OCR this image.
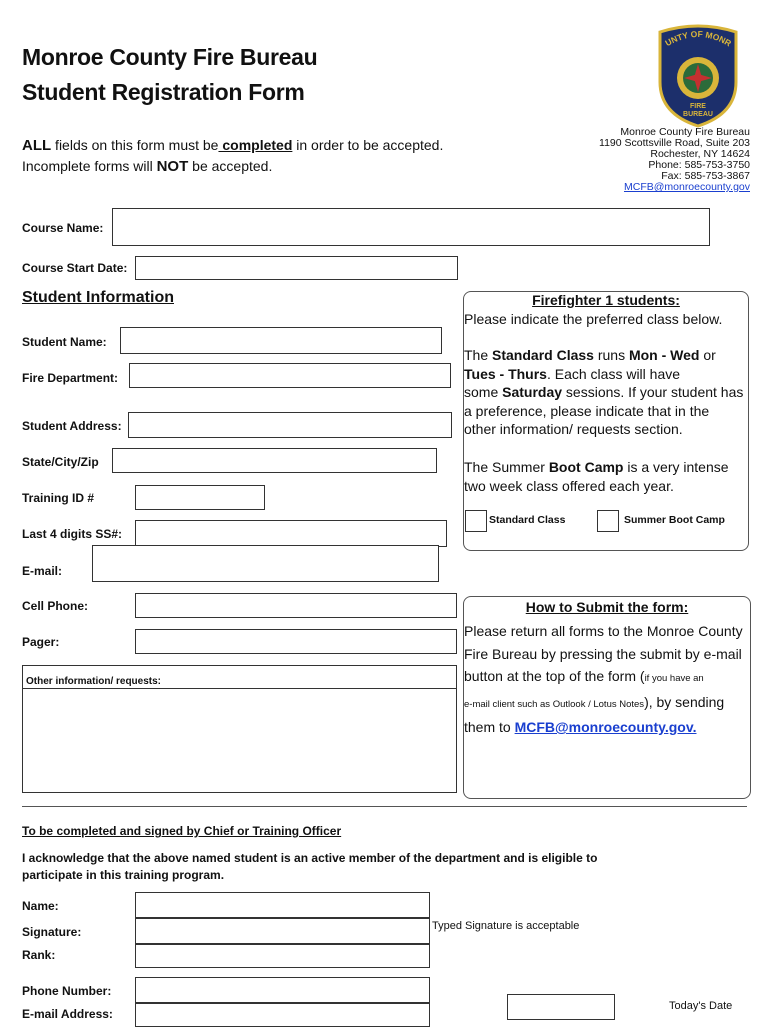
Monroe County Fire Bureau
Student Registration Form
ALL fields on this form must be completed in order to be accepted.
Incomplete forms will NOT be accepted.
UNTY OF MONR
FIRE
BUREAU
Monroe County Fire Bureau
1190 Scottsville Road, Suite 203
Rochester, NY 14624
Phone: 585-753-3750
Fax: 585-753-3867
MCFB@monroecounty.gov
Course Name:
Course Start Date:
Student Information
Student Name:
Fire Department:
Student Address:
State/City/Zip
Training ID #
Last 4 digits SS#:
E-mail:
Cell Phone:
Pager:
Other information/ requests:
Firefighter 1 students:
Please indicate the preferred class below.
The Standard Class runs Mon - Wed or
Tues - Thurs. Each class will have
some Saturday sessions. If your student has
a preference, please indicate that in the
other information/ requests section.
The Summer Boot Camp is a very intense
two week class offered each year.
Standard Class	Summer Boot Camp
How to Submit the form:
Please return all forms to the Monroe County
Fire Bureau by pressing the submit by e-mail
button at the top of the form (if you have an
e-mail client such as Outlook / Lotus Notes), by sending
them to MCFB@monroecounty.gov.
To be completed and signed by Chief or Training Officer
I acknowledge that the above named student is an active member of the department and is eligible to
participate in this training program.
Name:
Signature:	Typed Signature is acceptable
Rank:
Phone Number:
E-mail Address:
Today's Date
